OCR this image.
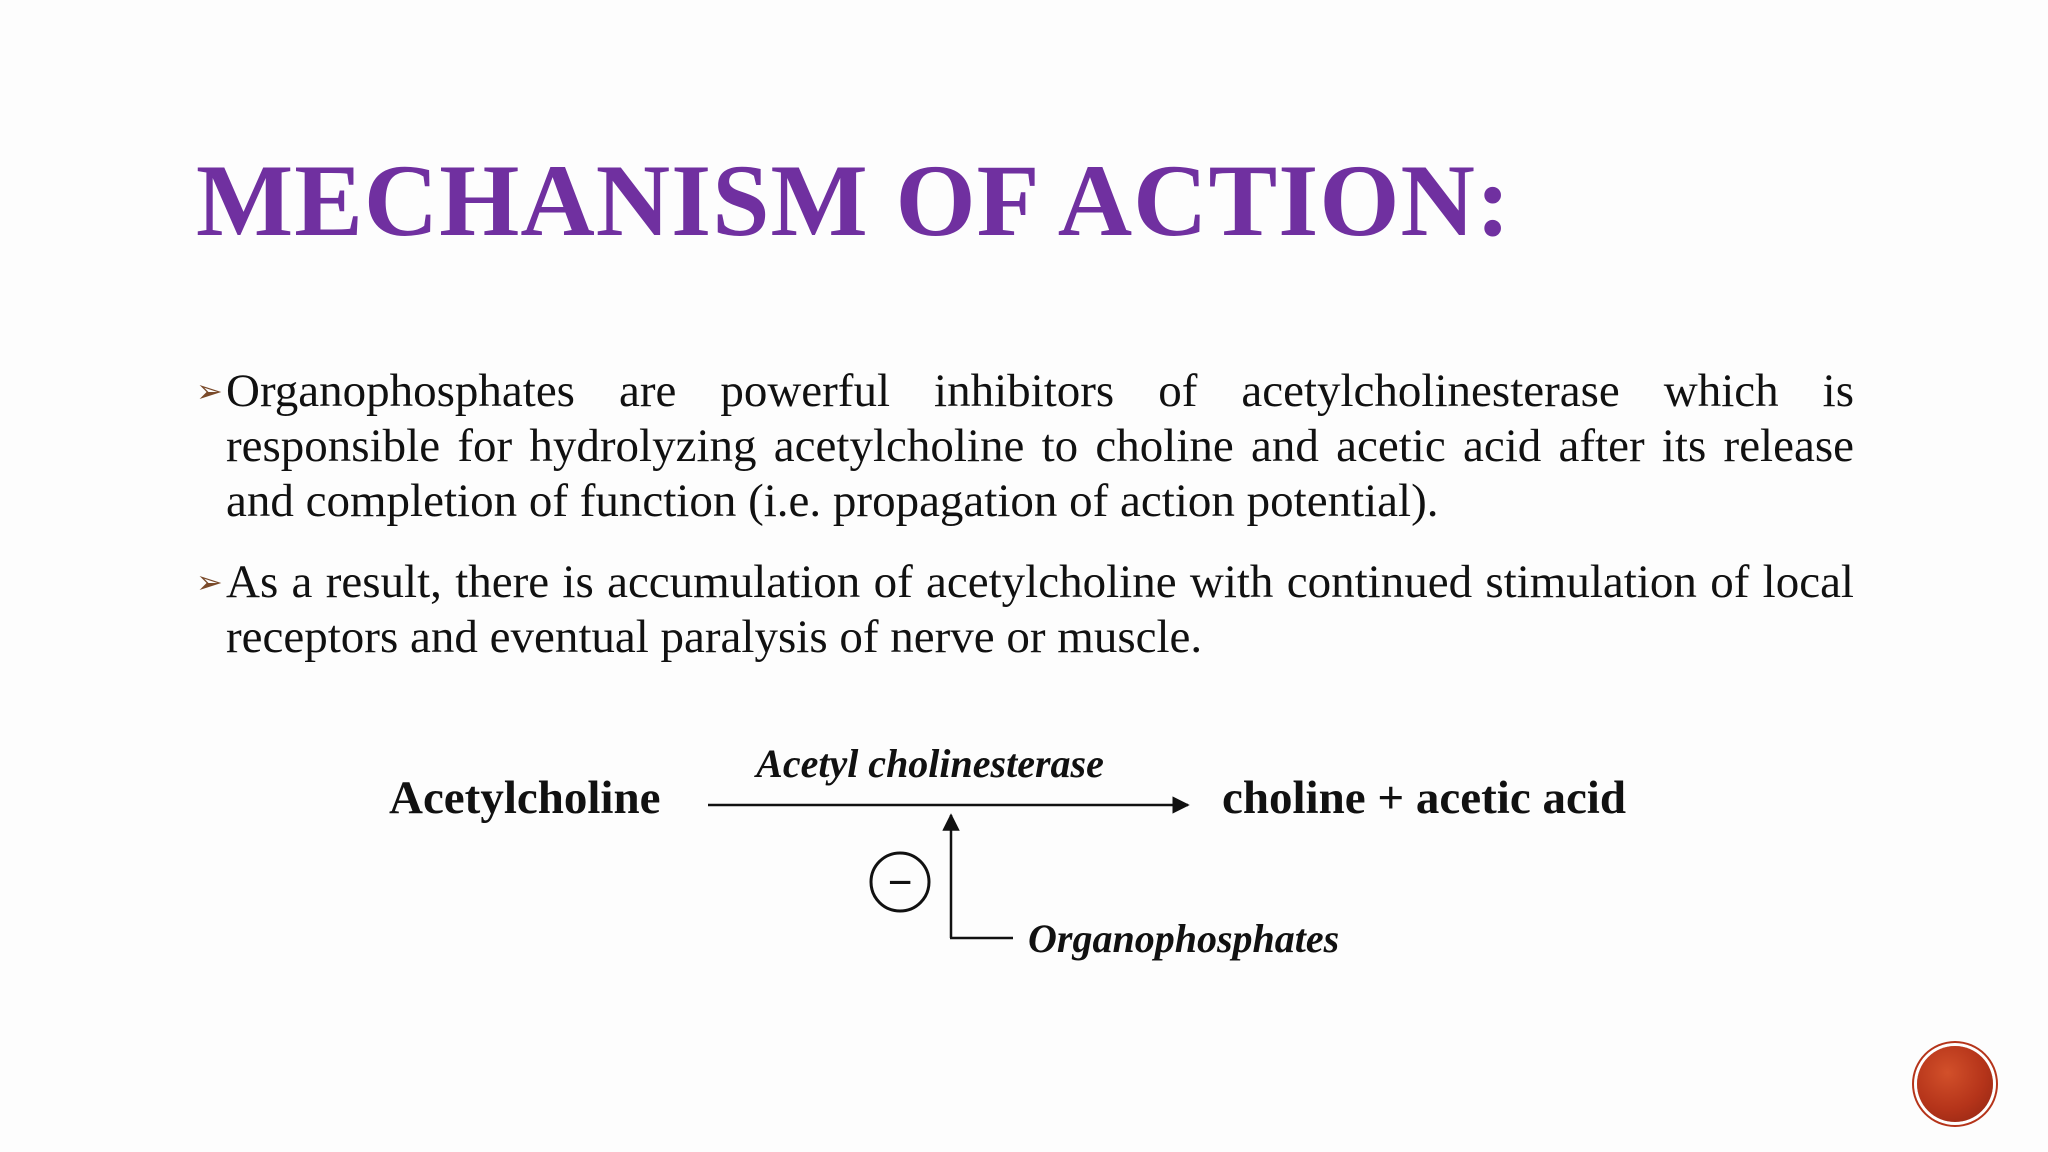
MECHANISM OF ACTION:
➢ Organophosphates are powerful inhibitors of acetylcholinesterase which is responsible for hydrolyzing acetylcholine to choline and acetic acid after its release and completion of function (i.e. propagation of action potential).
➢ As a result, there is accumulation of acetylcholine with continued stimulation of local receptors and eventual paralysis of nerve or muscle.
Acetylcholine
Acetyl cholinesterase
choline + acetic acid
−
Organophosphates
